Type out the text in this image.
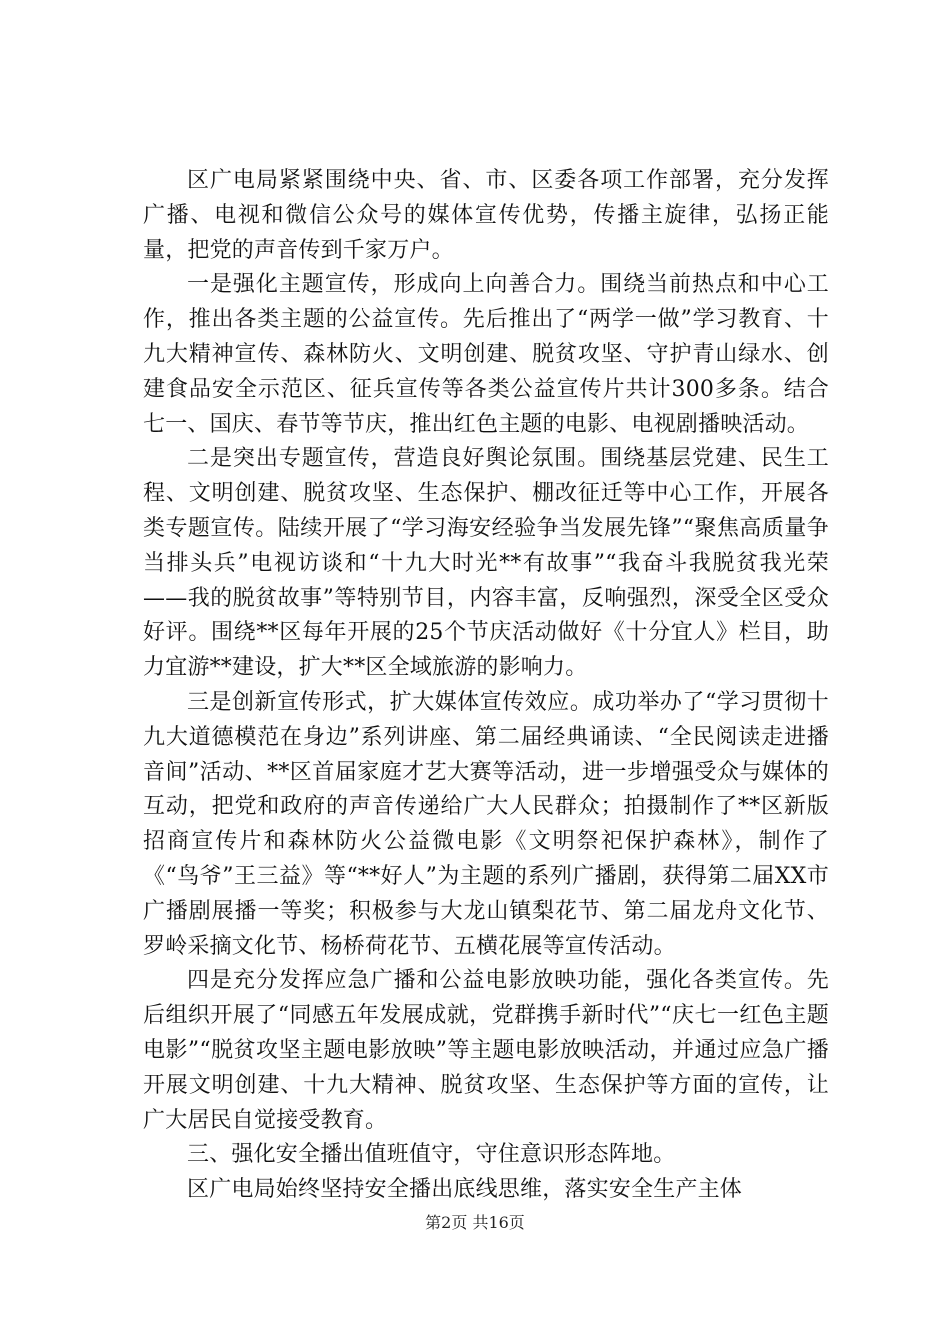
区广电局紧紧围绕中央、省、市、区委各项工作部署，充分发挥广播、电视和微信公众号的媒体宣传优势，传播主旋律，弘扬正能量，把党的声音传到千家万户。

一是强化主题宣传，形成向上向善合力。围绕当前热点和中心工作，推出各类主题的公益宣传。先后推出了“两学一做”学习教育、十九大精神宣传、森林防火、文明创建、脱贫攻坚、守护青山绿水、创建食品安全示范区、征兵宣传等各类公益宣传片共计300多条。结合七一、国庆、春节等节庆，推出红色主题的电影、电视剧播映活动。

二是突出专题宣传，营造良好舆论氛围。围绕基层党建、民生工程、文明创建、脱贫攻坚、生态保护、棚改征迁等中心工作，开展各类专题宣传。陆续开展了“学习海安经验争当发展先锋”“聚焦高质量争当排头兵”电视访谈和“十九大时光**有故事”“我奋斗我脱贫我光荣——我的脱贫故事”等特别节目，内容丰富，反响强烈，深受全区受众好评。围绕**区每年开展的25个节庆活动做好《十分宜人》栏目，助力宜游**建设，扩大**区全域旅游的影响力。

三是创新宣传形式，扩大媒体宣传效应。成功举办了“学习贯彻十九大道德模范在身边”系列讲座、第二届经典诵读、“全民阅读走进播音间”活动、**区首届家庭才艺大赛等活动，进一步增强受众与媒体的互动，把党和政府的声音传递给广大人民群众；拍摄制作了**区新版招商宣传片和森林防火公益微电影《文明祭祀保护森林》，制作了《“鸟爷”王三益》等“**好人”为主题的系列广播剧，获得第二届XX市广播剧展播一等奖；积极参与大龙山镇梨花节、第二届龙舟文化节、罗岭采摘文化节、杨桥荷花节、五横花展等宣传活动。

四是充分发挥应急广播和公益电影放映功能，强化各类宣传。先后组织开展了“同感五年发展成就，党群携手新时代”“庆七一红色主题电影”“脱贫攻坚主题电影放映”等主题电影放映活动，并通过应急广播开展文明创建、十九大精神、脱贫攻坚、生态保护等方面的宣传，让广大居民自觉接受教育。

三、强化安全播出值班值守，守住意识形态阵地。

区广电局始终坚持安全播出底线思维，落实安全生产主体

第2页 共16页
